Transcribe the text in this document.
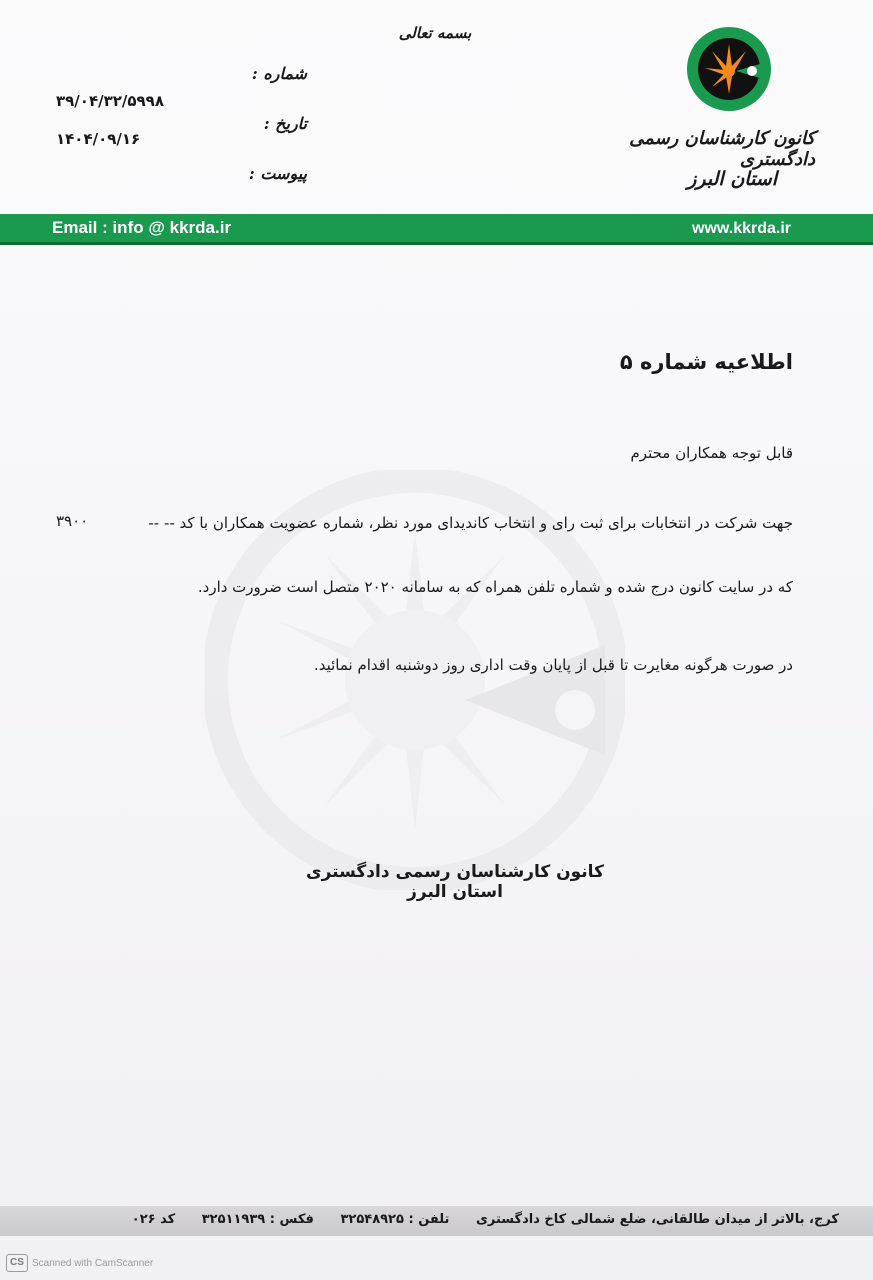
بسمه تعالی
کانون کارشناسان رسمی دادگستری
استان البرز
شماره :
تاریخ :
پیوست :
۳۹/۰۴/۳۲/۵۹۹۸
۱۴۰۴/۰۹/۱۶
Email : info @ kkrda.ir	www.kkrda.ir
اطلاعیه شماره ۵
قابل توجه همکاران محترم
جهت شرکت در انتخابات برای ثبت رای و انتخاب کاندیدای مورد نظر، شماره عضویت همکاران با کد -- --
۳۹۰۰
که در سایت کانون درج شده و شماره تلفن همراه که به سامانه ۲۰۲۰ متصل است ضرورت دارد.
در صورت هرگونه مغایرت تا قبل از پایان وقت اداری روز دوشنبه اقدام نمائید.
کانون کارشناسان رسمی دادگستری استان البرز
کرج، بالاتر از میدان طالقانی، ضلع شمالی کاخ دادگستری تلفن : ۳۲۵۴۸۹۲۵ فکس : ۳۲۵۱۱۹۳۹ کد ۰۲۶
CS Scanned with CamScanner
